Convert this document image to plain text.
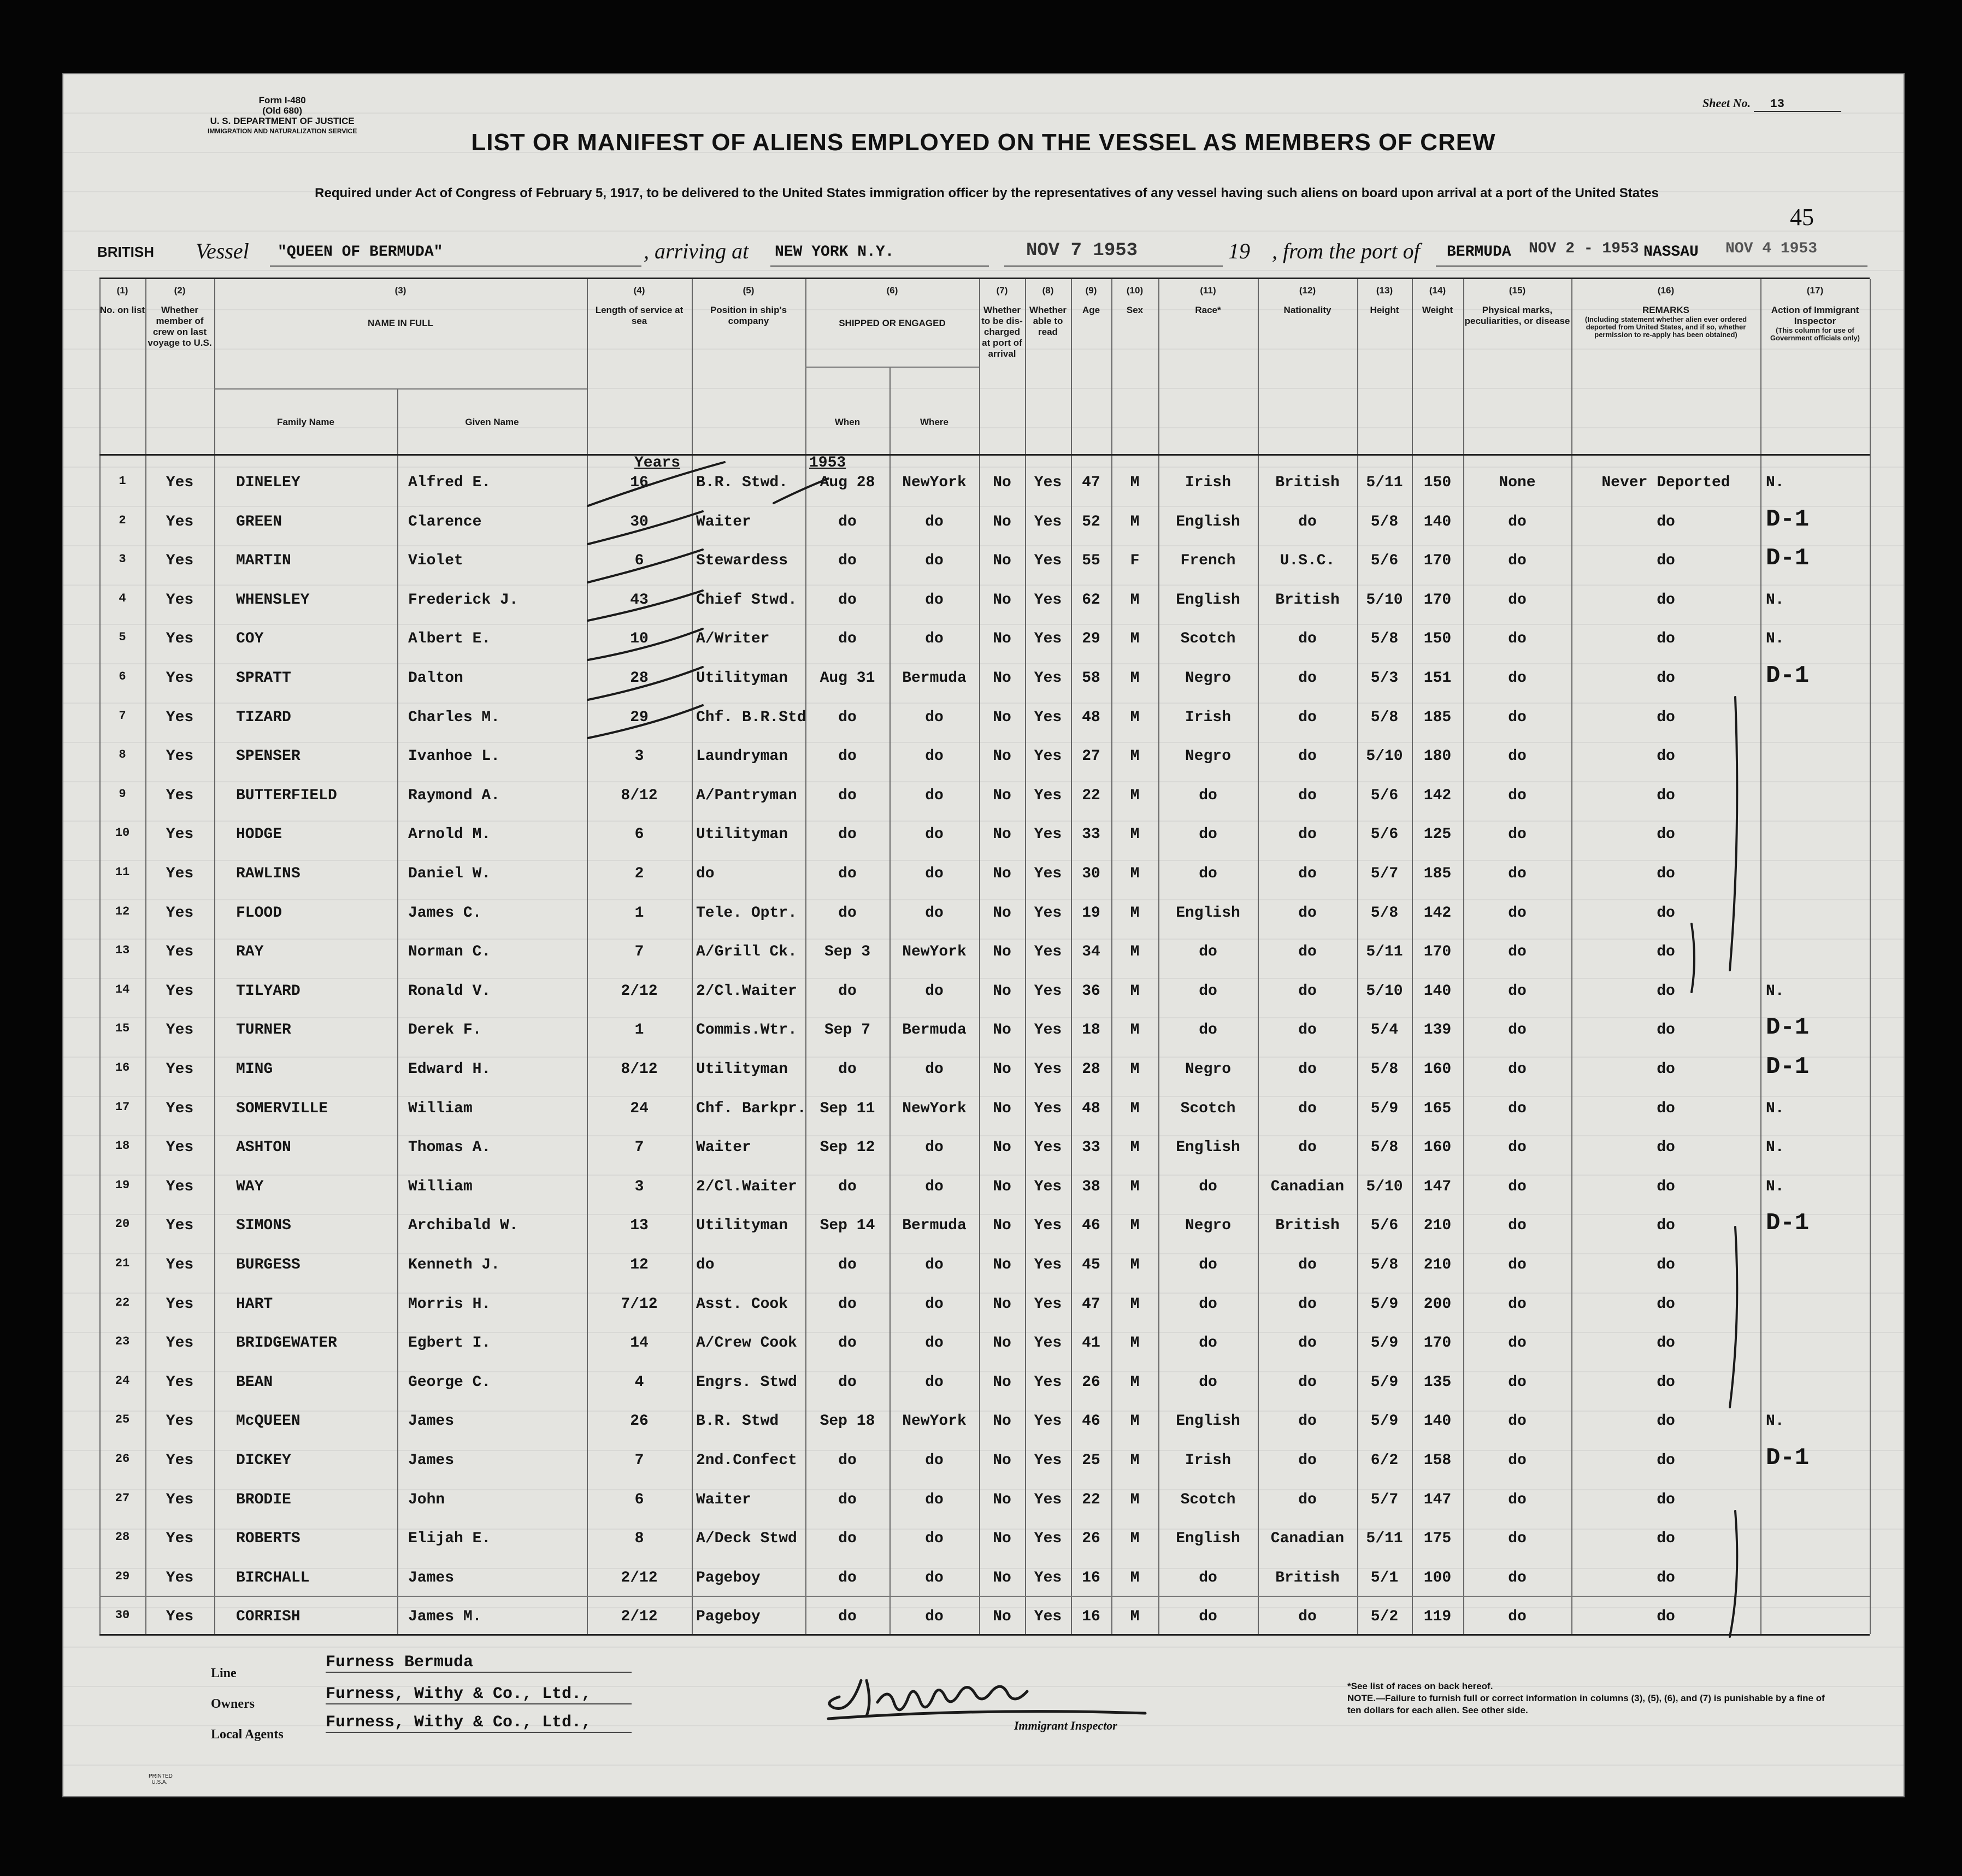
Form I-480
(Old 680)
U. S. DEPARTMENT OF JUSTICE
IMMIGRATION AND NATURALIZATION SERVICE
Sheet No. 13
LIST OR MANIFEST OF ALIENS EMPLOYED ON THE VESSEL AS MEMBERS OF CREW
Required under Act of Congress of February 5, 1917, to be delivered to the United States immigration officer by the representatives of any vessel having such aliens on board upon arrival at a port of the United States
45
BRITISH Vessel "QUEEN OF BERMUDA"	, arriving at NEW YORK N.Y.	NOV 7 1953	19 , from the port of BERMUDA NOV 2 - 1953 NASSAU NOV 4 1953
(1)
No. on list
(2)
Whether member of crew on last voyage to U.S.
(3)
NAME IN FULL
Family Name	Given Name
(4)
Length of service at sea
(5)
Position in ship's company
(6)
SHIPPED OR ENGAGED
When	Where
(7)
Whether to be dis-charged at port of arrival
(8)
Whether able to read
(9)
Age
(10)
Sex
(11)
Race*
(12)
Nationality
(13)
Height
(14)
Weight
(15)
Physical marks, peculiarities, or disease
(16)
REMARKS
(Including statement whether alien ever ordered deported from United States, and if so, whether permission to re-apply has been obtained)
(17)
Action of Immigrant Inspector
(This column for use of Government officials only)
1	Yes	DINELEY	Alfred E.	16	B.R. Stwd.	Aug 28	NewYork	No	Yes	47	M	Irish	British	5/11	150	None	Never Deported	N.
2	Yes	GREEN	Clarence	30	Waiter	do	do	No	Yes	52	M	English	do	5/8	140	do	do	D-1
3	Yes	MARTIN	Violet	6	Stewardess	do	do	No	Yes	55	F	French	U.S.C.	5/6	170	do	do	D-1
4	Yes	WHENSLEY	Frederick J.	43	Chief Stwd.	do	do	No	Yes	62	M	English	British	5/10	170	do	do	N.
5	Yes	COY	Albert E.	10	A/Writer	do	do	No	Yes	29	M	Scotch	do	5/8	150	do	do	N.
6	Yes	SPRATT	Dalton	28	Utilityman	Aug 31	Bermuda	No	Yes	58	M	Negro	do	5/3	151	do	do	D-1
7	Yes	TIZARD	Charles M.	29	Chf. B.R.Std	do	do	No	Yes	48	M	Irish	do	5/8	185	do	do
8	Yes	SPENSER	Ivanhoe L.	3	Laundryman	do	do	No	Yes	27	M	Negro	do	5/10	180	do	do
9	Yes	BUTTERFIELD	Raymond A.	8/12	A/Pantryman	do	do	No	Yes	22	M	do	do	5/6	142	do	do
10	Yes	HODGE	Arnold M.	6	Utilityman	do	do	No	Yes	33	M	do	do	5/6	125	do	do
11	Yes	RAWLINS	Daniel W.	2	do	do	do	No	Yes	30	M	do	do	5/7	185	do	do
12	Yes	FLOOD	James C.	1	Tele. Optr.	do	do	No	Yes	19	M	English	do	5/8	142	do	do
13	Yes	RAY	Norman C.	7	A/Grill Ck.	Sep 3	NewYork	No	Yes	34	M	do	do	5/11	170	do	do
14	Yes	TILYARD	Ronald V.	2/12	2/Cl.Waiter	do	do	No	Yes	36	M	do	do	5/10	140	do	do	N.
15	Yes	TURNER	Derek F.	1	Commis.Wtr.	Sep 7	Bermuda	No	Yes	18	M	do	do	5/4	139	do	do	D-1
16	Yes	MING	Edward H.	8/12	Utilityman	do	do	No	Yes	28	M	Negro	do	5/8	160	do	do	D-1
17	Yes	SOMERVILLE	William	24	Chf. Barkpr. Sep 11	NewYork	No	Yes	48	M	Scotch	do	5/9	165	do	do	N.
18	Yes	ASHTON	Thomas A.	7	Waiter	Sep 12	do	No	Yes	33	M	English	do	5/8	160	do	do	N.
19	Yes	WAY	William	3	2/Cl.Waiter	do	do	No	Yes	38	M	do	Canadian	5/10	147	do	do	N.
20	Yes	SIMONS	Archibald W.	13	Utilityman	Sep 14	Bermuda	No	Yes	46	M	Negro	British	5/6	210	do	do	D-1
21	Yes	BURGESS	Kenneth J.	12	do	do	do	No	Yes	45	M	do	do	5/8	210	do	do
22	Yes	HART	Morris H.	7/12	Asst. Cook	do	do	No	Yes	47	M	do	do	5/9	200	do	do
23	Yes	BRIDGEWATER	Egbert I.	14	A/Crew Cook	do	do	No	Yes	41	M	do	do	5/9	170	do	do
24	Yes	BEAN	George C.	4	Engrs. Stwd	do	do	No	Yes	26	M	do	do	5/9	135	do	do
25	Yes	McQUEEN	James	26	B.R. Stwd	Sep 18	NewYork	No	Yes	46	M	English	do	5/9	140	do	do	N.
26	Yes	DICKEY	James	7	2nd.Confect	do	do	No	Yes	25	M	Irish	do	6/2	158	do	do	D-1
27	Yes	BRODIE	John	6	Waiter	do	do	No	Yes	22	M	Scotch	do	5/7	147	do	do
28	Yes	ROBERTS	Elijah E.	8	A/Deck Stwd	do	do	No	Yes	26	M	English	Canadian	5/11	175	do	do
29	Yes	BIRCHALL	James	2/12	Pageboy	do	do	No	Yes	16	M	do	British	5/1	100	do	do
30	Yes	CORRISH	James M.	2/12	Pageboy	do	do	No	Yes	16	M	do	do	5/2	119	do	do
Years	1953
Immigrant Inspector
Line
Furness Bermuda
Owners
Furness, Withy & Co., Ltd.,
Local Agents
Furness, Withy & Co., Ltd.,
*See list of races on back hereof.
NOTE.—Failure to furnish full or correct information in columns (3), (5), (6), and (7) is punishable by a fine of ten dollars for each alien. See other side.
PRINTED U.S.A.
